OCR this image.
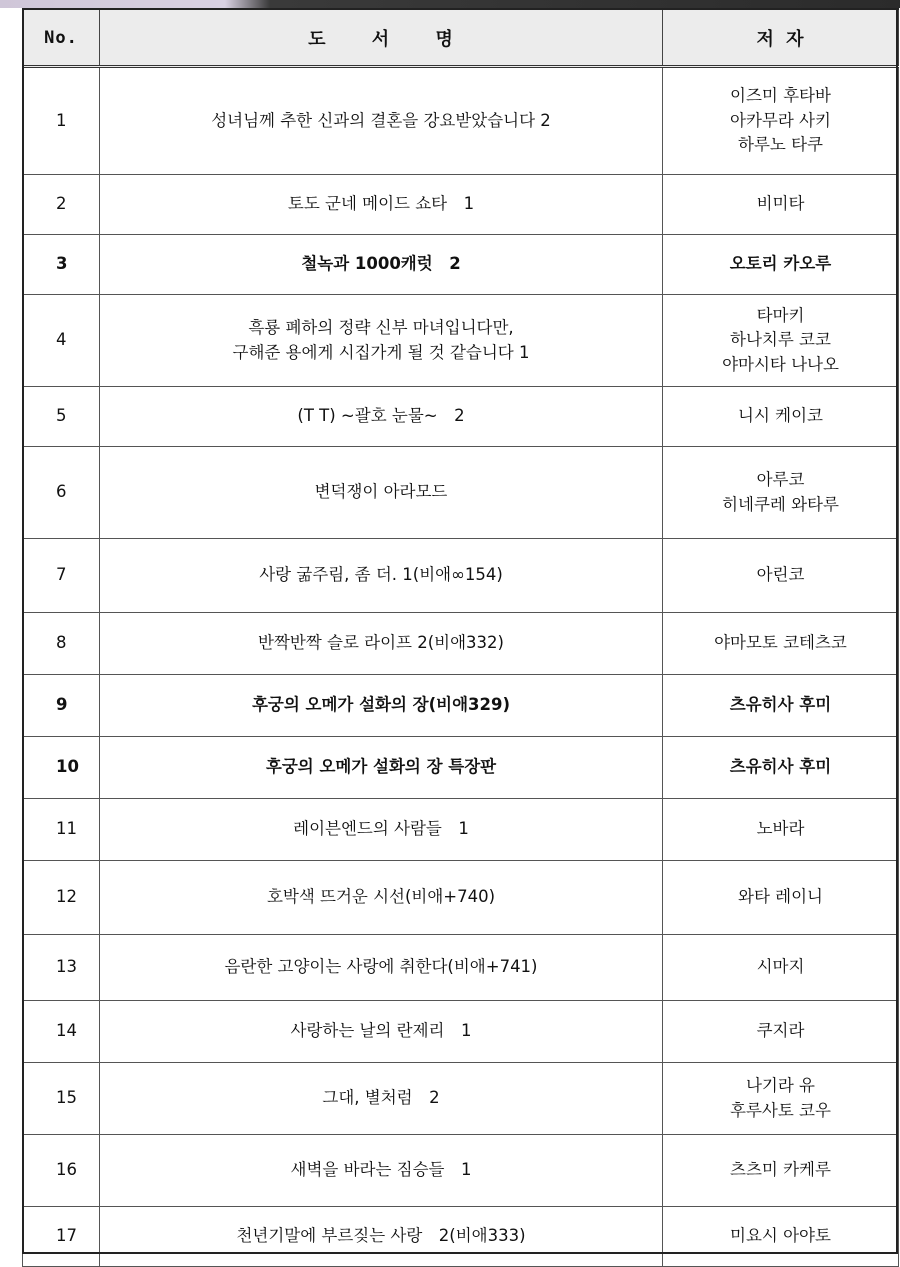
No.	도 서 명	저 자
1	성녀님께 추한 신과의 결혼을 강요받았습니다 2	이즈미 후타바
아카무라 사키
하루노 타쿠

2	토도 군네 메이드 쇼타　1	비미타

3	철녹과 1000캐럿　2	오토리 카오루

4	흑룡 폐하의 정략 신부 마녀입니다만,
구해준 용에게 시집가게 될 것 같습니다 1	타마키
하나치루 코코
야마시타 나나오

5	(T T) ~괄호 눈물~　2	니시 케이코

6	변덕쟁이 아라모드	아루코
히네쿠레 와타루

7	사랑 굶주림, 좀 더. 1(비애∞154)	아린코

8	반짝반짝 슬로 라이프 2(비애332)	야마모토 코테츠코

9	후궁의 오메가 설화의 장(비애329)	츠유히사 후미

10	후궁의 오메가 설화의 장 특장판	츠유히사 후미

11	레이븐엔드의 사람들　1	노바라

12	호박색 뜨거운 시선(비애+740)	와타 레이니

13	음란한 고양이는 사랑에 취한다(비애+741)	시마지

14	사랑하는 날의 란제리　1	쿠지라

15	그대, 별처럼　2	나기라 유
후루사토 코우

16	새벽을 바라는 짐승들　1	츠츠미 카케루

17	천년기말에 부르짖는 사랑　2(비애333)	미요시 아야토
